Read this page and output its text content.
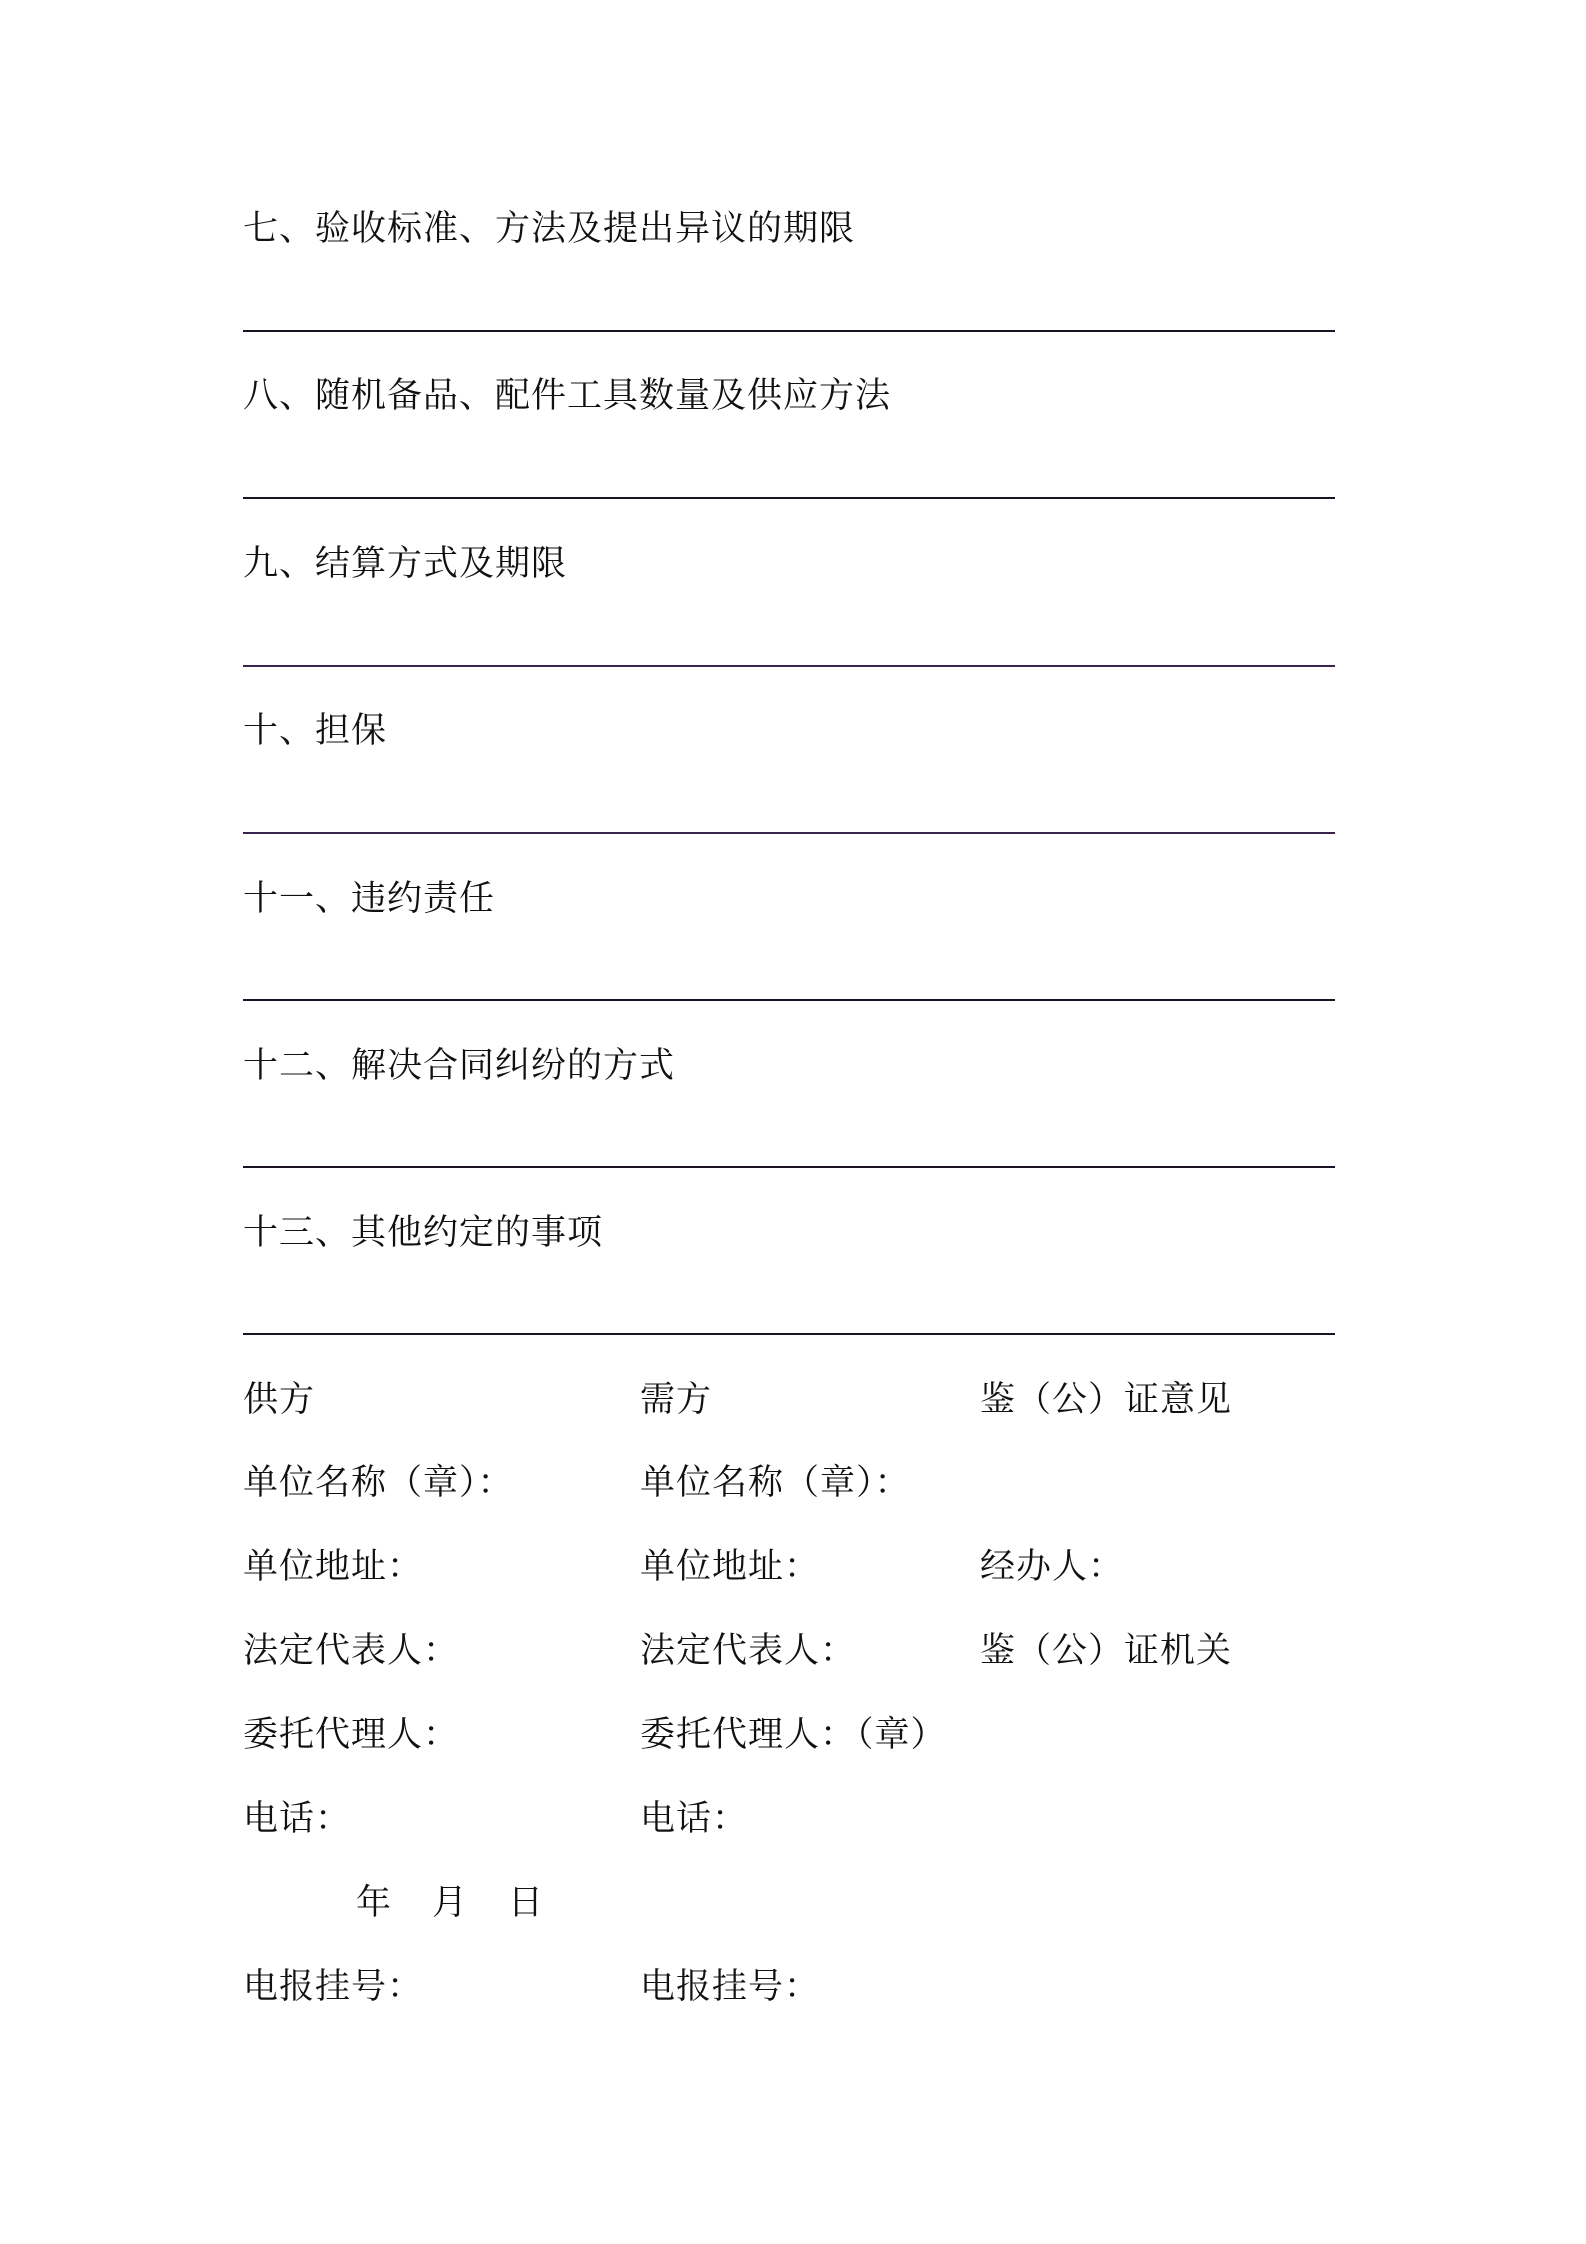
七、验收标准、方法及提出异议的期限
八、随机备品、配件工具数量及供应方法
九、结算方式及期限
十、担保
十一、违约责任
十二、解决合同纠纷的方式
十三、其他约定的事项
供方	需方	鉴（公）证意见
单位名称（章）：	单位名称（章）：
单位地址：	单位地址：	经办人：
法定代表人：	法定代表人：	鉴（公）证机关
委托代理人：	委托代理人：（章）
电话：	电话：
年 月 日
电报挂号：	电报挂号：
